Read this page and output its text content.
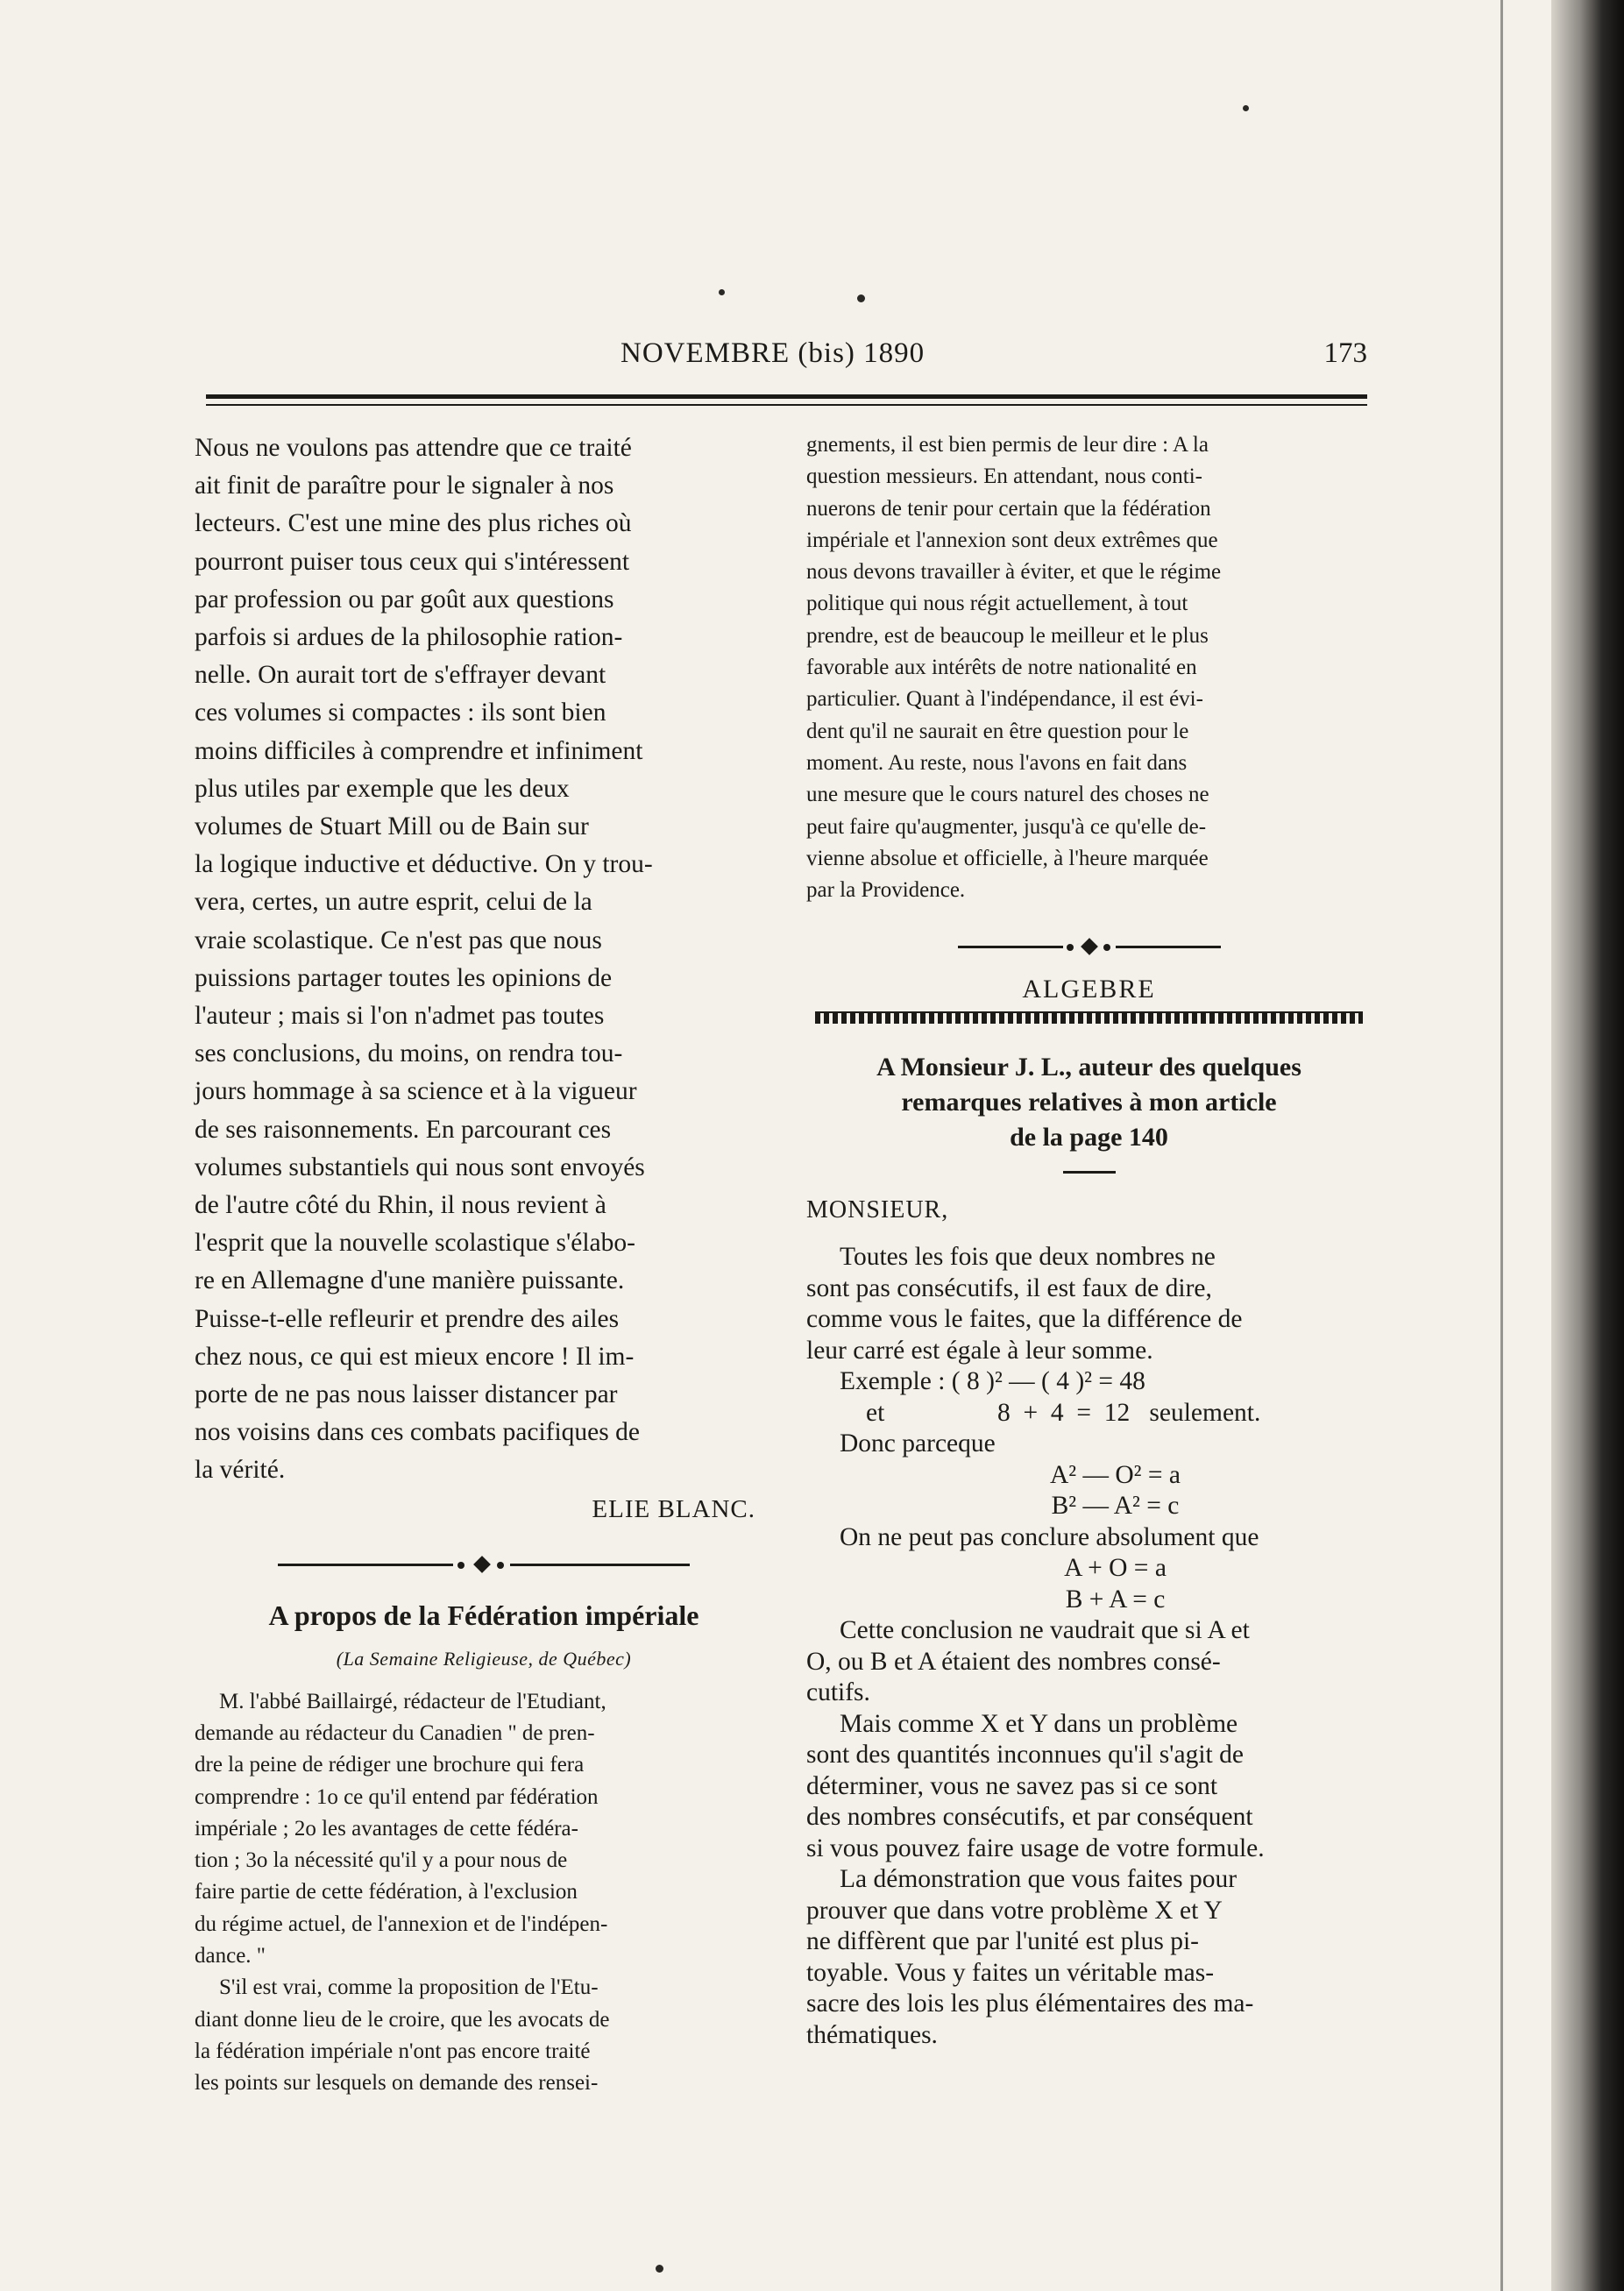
NOVEMBRE (bis) 1890	173
Nous ne voulons pas attendre que ce traité
ait finit de paraître pour le signaler à nos
lecteurs. C'est une mine des plus riches où
pourront puiser tous ceux qui s'intéressent
par profession ou par goût aux questions
parfois si ardues de la philosophie ration-
nelle. On aurait tort de s'effrayer devant
ces volumes si compactes : ils sont bien
moins difficiles à comprendre et infiniment
plus utiles par exemple que les deux
volumes de Stuart Mill ou de Bain sur
la logique inductive et déductive. On y trou-
vera, certes, un autre esprit, celui de la
vraie scolastique. Ce n'est pas que nous
puissions partager toutes les opinions de
l'auteur ; mais si l'on n'admet pas toutes
ses conclusions, du moins, on rendra tou-
jours hommage à sa science et à la vigueur
de ses raisonnements. En parcourant ces
volumes substantiels qui nous sont envoyés
de l'autre côté du Rhin, il nous revient à
l'esprit que la nouvelle scolastique s'élabo-
re en Allemagne d'une manière puissante.
Puisse-t-elle refleurir et prendre des ailes
chez nous, ce qui est mieux encore ! Il im-
porte de ne pas nous laisser distancer par
nos voisins dans ces combats pacifiques de
la vérité.
ELIE BLANC.
A propos de la Fédération impériale
(La Semaine Religieuse, de Québec)
M. l'abbé Baillairgé, rédacteur de l'Etudiant,
demande au rédacteur du Canadien " de pren-
dre la peine de rédiger une brochure qui fera
comprendre : 1o ce qu'il entend par fédération
impériale ; 2o les avantages de cette fédéra-
tion ; 3o la nécessité qu'il y a pour nous de
faire partie de cette fédération, à l'exclusion
du régime actuel, de l'annexion et de l'indépen-
dance. "
S'il est vrai, comme la proposition de l'Etu-
diant donne lieu de le croire, que les avocats de
la fédération impériale n'ont pas encore traité
les points sur lesquels on demande des rensei-
gnements, il est bien permis de leur dire : A la
question messieurs. En attendant, nous conti-
nuerons de tenir pour certain que la fédération
impériale et l'annexion sont deux extrêmes que
nous devons travailler à éviter, et que le régime
politique qui nous régit actuellement, à tout
prendre, est de beaucoup le meilleur et le plus
favorable aux intérêts de notre nationalité en
particulier. Quant à l'indépendance, il est évi-
dent qu'il ne saurait en être question pour le
moment. Au reste, nous l'avons en fait dans
une mesure que le cours naturel des choses ne
peut faire qu'augmenter, jusqu'à ce qu'elle de-
vienne absolue et officielle, à l'heure marquée
par la Providence.
ALGEBRE
A Monsieur J. L., auteur des quelques
remarques relatives à mon article
de la page 140
MONSIEUR,
Toutes les fois que deux nombres ne
sont pas consécutifs, il est faux de dire,
comme vous le faites, que la différence de
leur carré est égale à leur somme.
Exemple : ( 8 )² — ( 4 )² = 48
et	8  +  4  =  12 seulement.
Donc parceque
A² — O² = a
B² — A² = c
On ne peut pas conclure absolument que
A + O = a
B + A = c
Cette conclusion ne vaudrait que si A et
O, ou B et A étaient des nombres consé-
cutifs.
Mais comme X et Y dans un problème
sont des quantités inconnues qu'il s'agit de
déterminer, vous ne savez pas si ce sont
des nombres consécutifs, et par conséquent
si vous pouvez faire usage de votre formule.
La démonstration que vous faites pour
prouver que dans votre problème X et Y
ne diffèrent que par l'unité est plus pi-
toyable. Vous y faites un véritable mas-
sacre des lois les plus élémentaires des ma-
thématiques.
